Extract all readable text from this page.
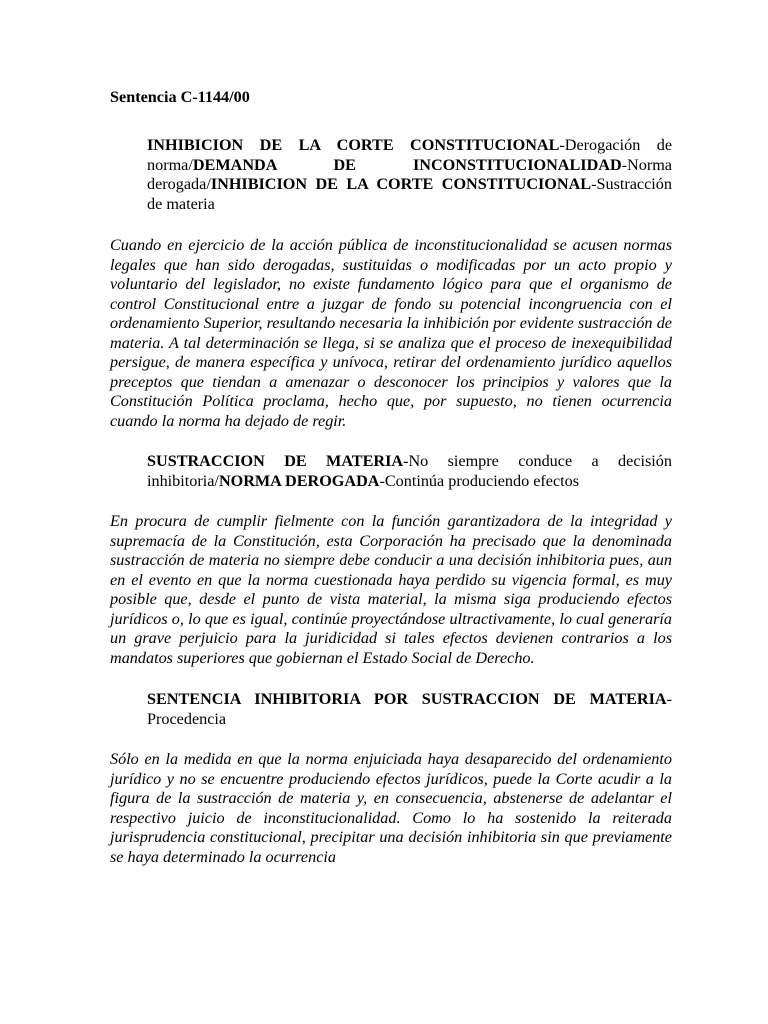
Sentencia C-1144/00

INHIBICION DE LA CORTE CONSTITUCIONAL-Derogación de norma/DEMANDA DE INCONSTITUCIONALIDAD-Norma derogada/INHIBICION DE LA CORTE CONSTITUCIONAL-Sustracción de materia

Cuando en ejercicio de la acción pública de inconstitucionalidad se acusen normas legales que han sido derogadas, sustituidas o modificadas por un acto propio y voluntario del legislador, no existe fundamento lógico para que el organismo de control Constitucional entre a juzgar de fondo su potencial incongruencia con el ordenamiento Superior, resultando necesaria la inhibición por evidente sustracción de materia. A tal determinación se llega, si se analiza que el proceso de inexequibilidad persigue, de manera específica y unívoca, retirar del ordenamiento jurídico aquellos preceptos que tiendan a amenazar o desconocer los principios y valores que la Constitución Política proclama, hecho que, por supuesto, no tienen ocurrencia cuando la norma ha dejado de regir.

SUSTRACCION DE MATERIA-No siempre conduce a decisión inhibitoria/NORMA DEROGADA-Continúa produciendo efectos

En procura de cumplir fielmente con la función garantizadora de la integridad y supremacía de la Constitución, esta Corporación ha precisado que la denominada sustracción de materia no siempre debe conducir a una decisión inhibitoria pues, aun en el evento en que la norma cuestionada haya perdido su vigencia formal, es muy posible que, desde el punto de vista material, la misma siga produciendo efectos jurídicos o, lo que es igual, continúe proyectándose ultractivamente, lo cual generaría un grave perjuicio para la juridicidad si tales efectos devienen contrarios a los mandatos superiores que gobiernan el Estado Social de Derecho.

SENTENCIA INHIBITORIA POR SUSTRACCION DE MATERIA-Procedencia

Sólo en la medida en que la norma enjuiciada haya desaparecido del ordenamiento jurídico y no se encuentre produciendo efectos jurídicos, puede la Corte acudir a la figura de la sustracción de materia y, en consecuencia, abstenerse de adelantar el respectivo juicio de inconstitucionalidad. Como lo ha sostenido la reiterada jurisprudencia constitucional, precipitar una decisión inhibitoria sin que previamente se haya determinado la ocurrencia
